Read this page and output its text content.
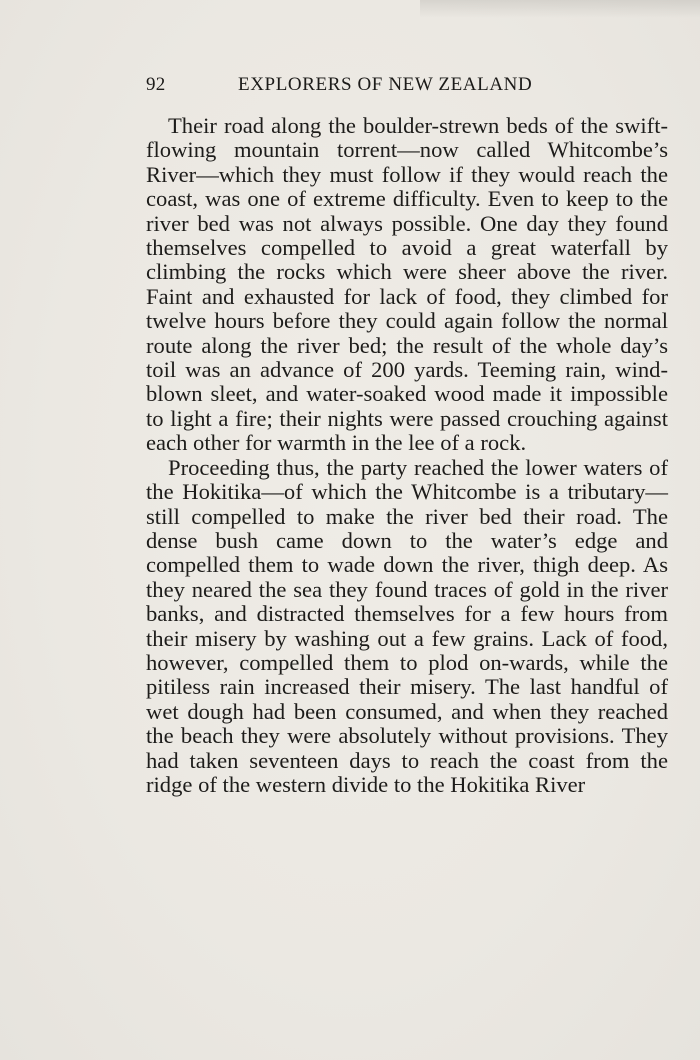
92	EXPLORERS OF NEW ZEALAND

Their road along the boulder-strewn beds of the swift-flowing mountain torrent—now called Whitcombe’s River—which they must follow if they would reach the coast, was one of extreme difficulty. Even to keep to the river bed was not always possible. One day they found themselves compelled to avoid a great waterfall by climbing the rocks which were sheer above the river. Faint and exhausted for lack of food, they climbed for twelve hours before they could again follow the normal route along the river bed; the result of the whole day’s toil was an advance of 200 yards. Teeming rain, wind-blown sleet, and water-soaked wood made it impossible to light a fire; their nights were passed crouching against each other for warmth in the lee of a rock.

Proceeding thus, the party reached the lower waters of the Hokitika—of which the Whitcombe is a tributary—still compelled to make the river bed their road. The dense bush came down to the water’s edge and compelled them to wade down the river, thigh deep. As they neared the sea they found traces of gold in the river banks, and distracted themselves for a few hours from their misery by washing out a few grains. Lack of food, however, compelled them to plod on-wards, while the pitiless rain increased their misery. The last handful of wet dough had been consumed, and when they reached the beach they were absolutely without provisions. They had taken seventeen days to reach the coast from the ridge of the western divide to the Hokitika River
